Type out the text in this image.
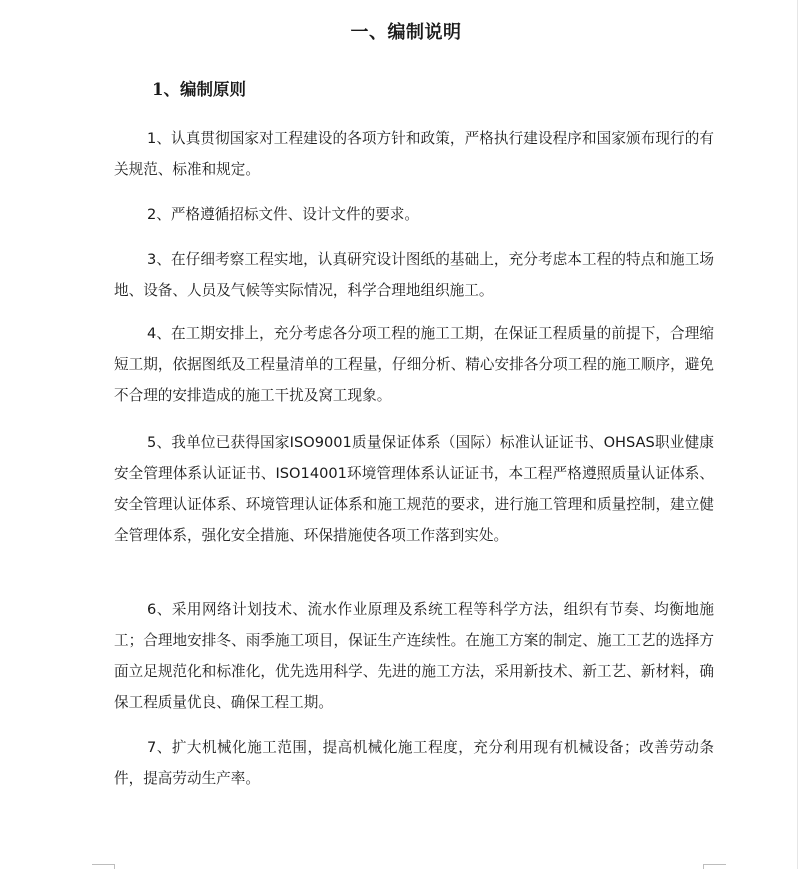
一、编制说明
1、编制原则

1、认真贯彻国家对工程建设的各项方针和政策，严格执行建设程序和国家颁布现行的有关规范、标准和规定。

2、严格遵循招标文件、设计文件的要求。

3、在仔细考察工程实地，认真研究设计图纸的基础上，充分考虑本工程的特点和施工场地、设备、人员及气候等实际情况，科学合理地组织施工。

4、在工期安排上，充分考虑各分项工程的施工工期，在保证工程质量的前提下，合理缩短工期，依据图纸及工程量清单的工程量，仔细分析、精心安排各分项工程的施工顺序，避免不合理的安排造成的施工干扰及窝工现象。

5、我单位已获得国家ISO9001质量保证体系（国际）标准认证证书、OHSAS职业健康安全管理体系认证证书、ISO14001环境管理体系认证证书，本工程严格遵照质量认证体系、安全管理认证体系、环境管理认证体系和施工规范的要求，进行施工管理和质量控制，建立健全管理体系，强化安全措施、环保措施使各项工作落到实处。

6、采用网络计划技术、流水作业原理及系统工程等科学方法，组织有节奏、均衡地施工；合理地安排冬、雨季施工项目，保证生产连续性。在施工方案的制定、施工工艺的选择方面立足规范化和标准化，优先选用科学、先进的施工方法，采用新技术、新工艺、新材料，确保工程质量优良、确保工程工期。

7、扩大机械化施工范围，提高机械化施工程度，充分利用现有机械设备；改善劳动条件，提高劳动生产率。
